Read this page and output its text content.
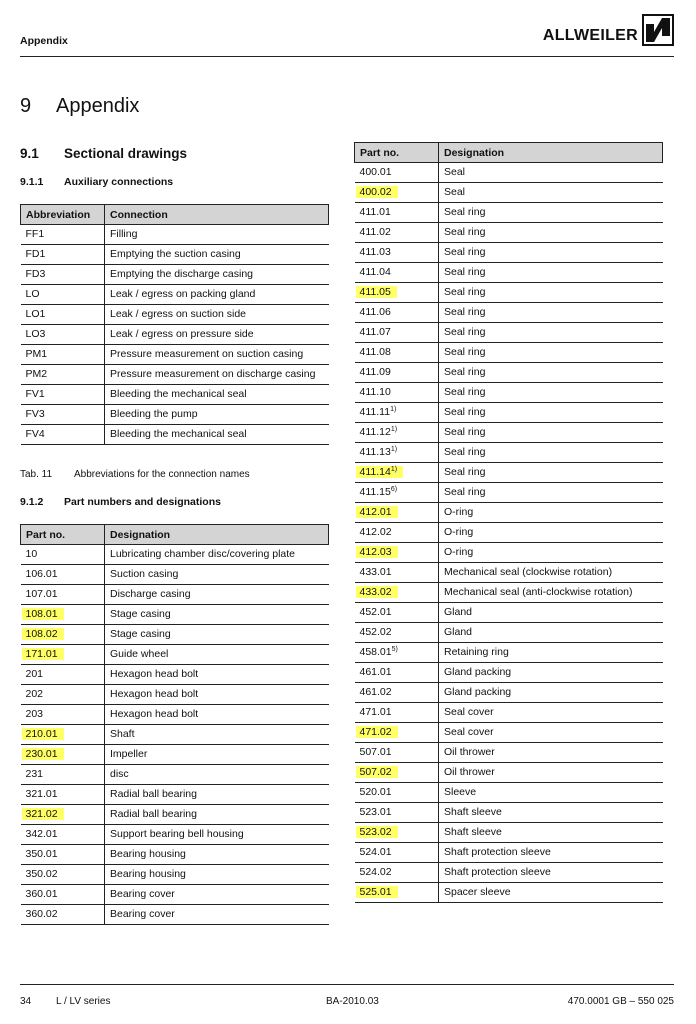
Appendix	ALLWEILER
9 Appendix
9.1 Sectional drawings
9.1.1 Auxiliary connections
Abbreviation	Connection
FF1	Filling
FD1	Emptying the suction casing
FD3	Emptying the discharge casing
LO	Leak / egress on packing gland
LO1	Leak / egress on suction side
LO3	Leak / egress on pressure side
PM1	Pressure measurement on suction casing
PM2	Pressure measurement on discharge casing
FV1	Bleeding the mechanical seal
FV3	Bleeding the pump
FV4	Bleeding the mechanical seal
Tab. 11 Abbreviations for the connection names
9.1.2 Part numbers and designations
Part no.	Designation
10	Lubricating chamber disc/covering plate
106.01	Suction casing
107.01	Discharge casing
108.01	Stage casing
108.02	Stage casing
171.01	Guide wheel
201	Hexagon head bolt
202	Hexagon head bolt
203	Hexagon head bolt
210.01	Shaft
230.01	Impeller
231	disc
321.01	Radial ball bearing
321.02	Radial ball bearing
342.01	Support bearing bell housing
350.01	Bearing housing
350.02	Bearing housing
360.01	Bearing cover
360.02	Bearing cover
Part no.	Designation
400.01	Seal
400.02	Seal
411.01	Seal ring
411.02	Seal ring
411.03	Seal ring
411.04	Seal ring
411.05	Seal ring
411.06	Seal ring
411.07	Seal ring
411.08	Seal ring
411.09	Seal ring
411.10	Seal ring
411.11$^{1)}$	Seal ring
411.12$^{1)}$	Seal ring
411.13$^{1)}$	Seal ring
411.14$^{1)}$	Seal ring
411.15$^{6)}$	Seal ring
412.01	O-ring
412.02	O-ring
412.03	O-ring
433.01	Mechanical seal (clockwise rotation)
433.02	Mechanical seal (anti-clockwise rotation)
452.01	Gland
452.02	Gland
458.01$^{5)}$	Retaining ring
461.01	Gland packing
461.02	Gland packing
471.01	Seal cover
471.02	Seal cover
507.01	Oil thrower
507.02	Oil thrower
520.01	Sleeve
523.01	Shaft sleeve
523.02	Shaft sleeve
524.01	Shaft protection sleeve
524.02	Shaft protection sleeve
525.01	Spacer sleeve
34 L / LV series	BA-2010.03	470.0001 GB – 550 025
